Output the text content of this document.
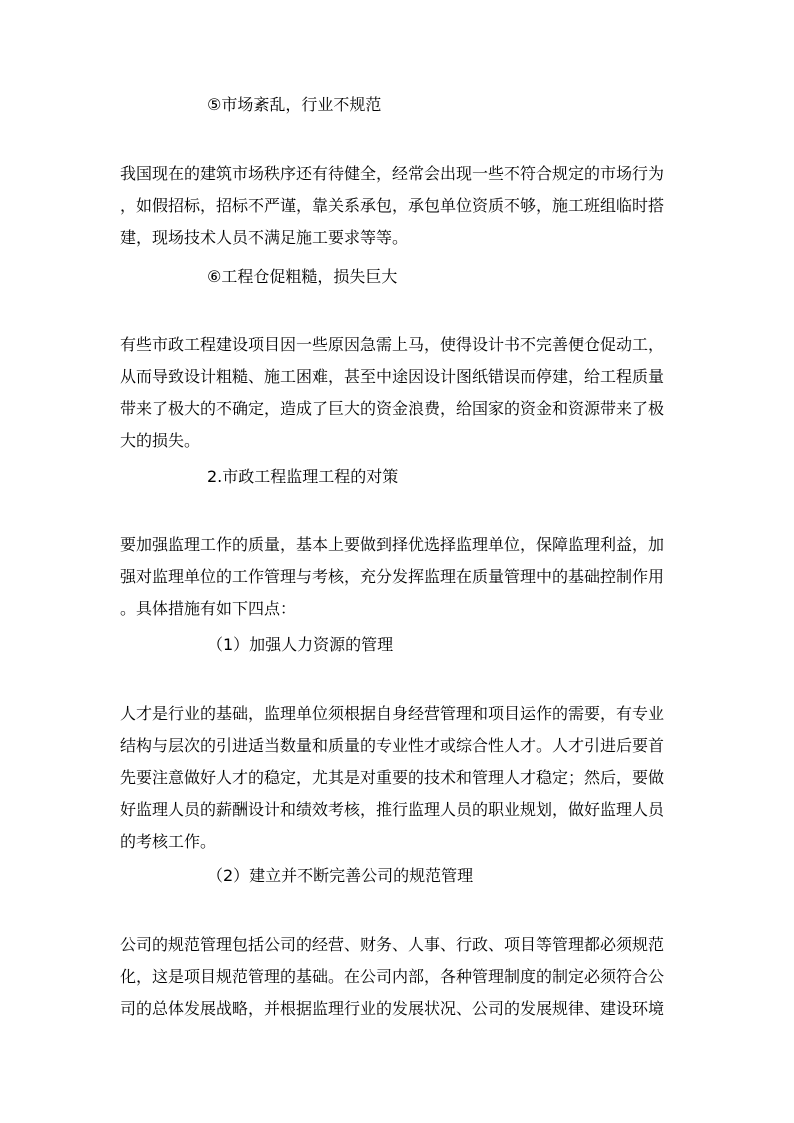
⑤市场紊乱，行业不规范
我国现在的建筑市场秩序还有待健全，经常会出现一些不符合规定的市场行为
，如假招标，招标不严谨，靠关系承包，承包单位资质不够，施工班组临时搭
建，现场技术人员不满足施工要求等等。
⑥工程仓促粗糙，损失巨大
有些市政工程建设项目因一些原因急需上马，使得设计书不完善便仓促动工，
从而导致设计粗糙、施工困难，甚至中途因设计图纸错误而停建，给工程质量
带来了极大的不确定，造成了巨大的资金浪费，给国家的资金和资源带来了极
大的损失。
2.市政工程监理工程的对策
要加强监理工作的质量，基本上要做到择优选择监理单位，保障监理利益，加
强对监理单位的工作管理与考核，充分发挥监理在质量管理中的基础控制作用
。具体措施有如下四点：
（1）加强人力资源的管理
人才是行业的基础，监理单位须根据自身经营管理和项目运作的需要，有专业
结构与层次的引进适当数量和质量的专业性才或综合性人才。人才引进后要首
先要注意做好人才的稳定，尤其是对重要的技术和管理人才稳定；然后，要做
好监理人员的薪酬设计和绩效考核，推行监理人员的职业规划，做好监理人员
的考核工作。
（2）建立并不断完善公司的规范管理
公司的规范管理包括公司的经营、财务、人事、行政、项目等管理都必须规范
化，这是项目规范管理的基础。在公司内部，各种管理制度的制定必须符合公
司的总体发展战略，并根据监理行业的发展状况、公司的发展规律、建设环境
